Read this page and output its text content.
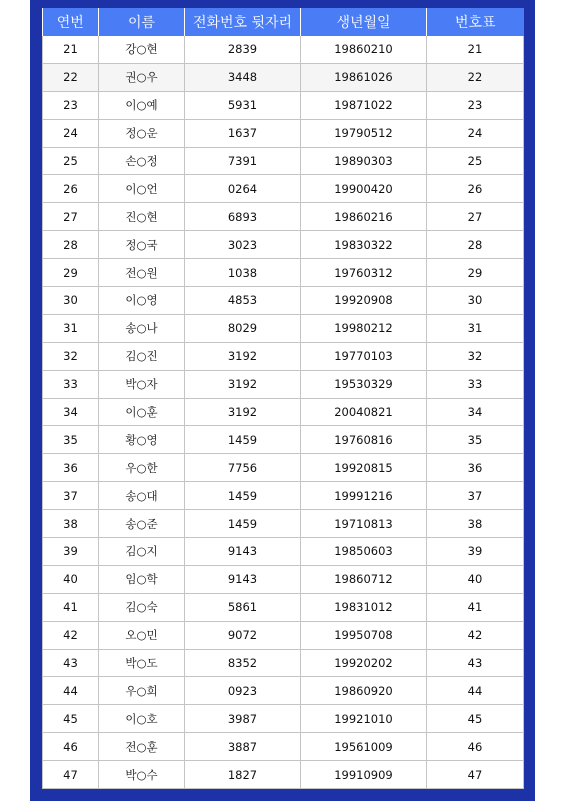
연번	이름	전화번호 뒷자리	생년월일	번호표
21	강○현	2839	19860210	21
22	권○우	3448	19861026	22
23	이○예	5931	19871022	23
24	정○운	1637	19790512	24
25	손○정	7391	19890303	25
26	이○언	0264	19900420	26
27	진○현	6893	19860216	27
28	정○국	3023	19830322	28
29	전○원	1038	19760312	29
30	이○영	4853	19920908	30
31	송○나	8029	19980212	31
32	김○진	3192	19770103	32
33	박○자	3192	19530329	33
34	이○훈	3192	20040821	34
35	황○영	1459	19760816	35
36	우○한	7756	19920815	36
37	송○대	1459	19991216	37
38	송○준	1459	19710813	38
39	김○지	9143	19850603	39
40	임○학	9143	19860712	40
41	김○숙	5861	19831012	41
42	오○민	9072	19950708	42
43	박○도	8352	19920202	43
44	우○희	0923	19860920	44
45	이○호	3987	19921010	45
46	전○훈	3887	19561009	46
47	박○수	1827	19910909	47
